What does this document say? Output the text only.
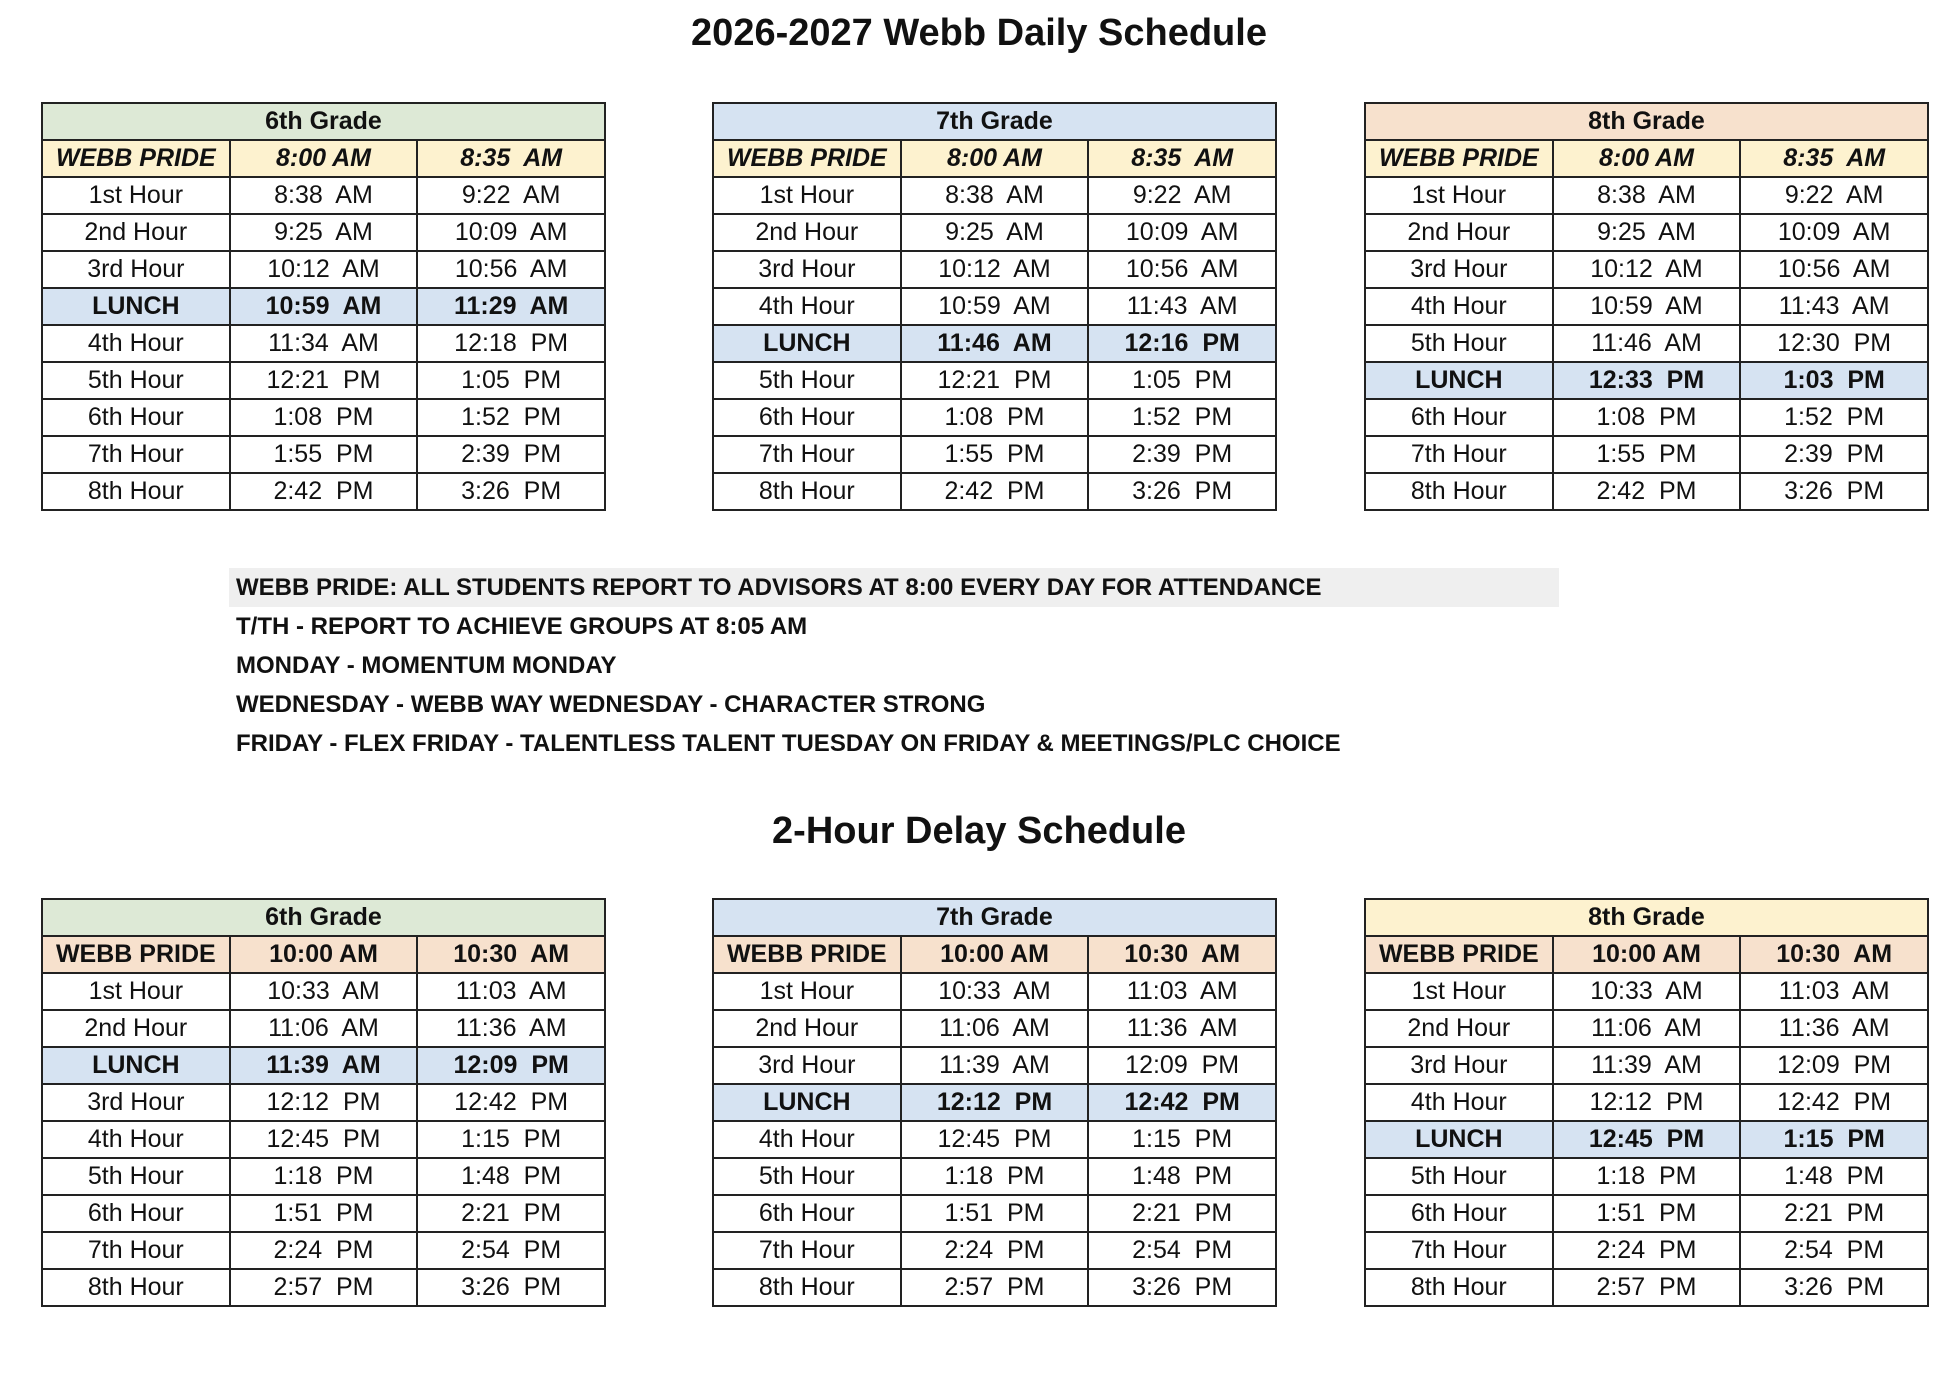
2026-2027 Webb Daily Schedule
6th Grade		
WEBB PRIDE	8:00 AM	8:35  AM
1st Hour	8:38  AM	9:22  AM
2nd Hour	9:25  AM	10:09  AM
3rd Hour	10:12  AM	10:56  AM
LUNCH	10:59  AM	11:29  AM
4th Hour	11:34  AM	12:18  PM
5th Hour	12:21  PM	1:05  PM
6th Hour	1:08  PM	1:52  PM
7th Hour	1:55  PM	2:39  PM
8th Hour	2:42  PM	3:26  PM
7th Grade		
WEBB PRIDE	8:00 AM	8:35  AM
1st Hour	8:38  AM	9:22  AM
2nd Hour	9:25  AM	10:09  AM
3rd Hour	10:12  AM	10:56  AM
4th Hour	10:59  AM	11:43  AM
LUNCH	11:46  AM	12:16  PM
5th Hour	12:21  PM	1:05  PM
6th Hour	1:08  PM	1:52  PM
7th Hour	1:55  PM	2:39  PM
8th Hour	2:42  PM	3:26  PM
8th Grade		
WEBB PRIDE	8:00 AM	8:35  AM
1st Hour	8:38  AM	9:22  AM
2nd Hour	9:25  AM	10:09  AM
3rd Hour	10:12  AM	10:56  AM
4th Hour	10:59  AM	11:43  AM
5th Hour	11:46  AM	12:30  PM
LUNCH	12:33  PM	1:03  PM
6th Hour	1:08  PM	1:52  PM
7th Hour	1:55  PM	2:39  PM
8th Hour	2:42  PM	3:26  PM
WEBB PRIDE: ALL STUDENTS REPORT TO ADVISORS AT 8:00 EVERY DAY FOR ATTENDANCE
T/TH - REPORT TO ACHIEVE GROUPS AT 8:05 AM
MONDAY - MOMENTUM MONDAY
WEDNESDAY - WEBB WAY WEDNESDAY - CHARACTER STRONG
FRIDAY - FLEX FRIDAY - TALENTLESS TALENT TUESDAY ON FRIDAY & MEETINGS/PLC CHOICE
2-Hour Delay Schedule
6th Grade		
WEBB PRIDE	10:00 AM	10:30  AM
1st Hour	10:33  AM	11:03  AM
2nd Hour	11:06  AM	11:36  AM
LUNCH	11:39  AM	12:09  PM
3rd Hour	12:12  PM	12:42  PM
4th Hour	12:45  PM	1:15  PM
5th Hour	1:18  PM	1:48  PM
6th Hour	1:51  PM	2:21  PM
7th Hour	2:24  PM	2:54  PM
8th Hour	2:57  PM	3:26  PM
7th Grade		
WEBB PRIDE	10:00 AM	10:30  AM
1st Hour	10:33  AM	11:03  AM
2nd Hour	11:06  AM	11:36  AM
3rd Hour	11:39  AM	12:09  PM
LUNCH	12:12  PM	12:42  PM
4th Hour	12:45  PM	1:15  PM
5th Hour	1:18  PM	1:48  PM
6th Hour	1:51  PM	2:21  PM
7th Hour	2:24  PM	2:54  PM
8th Hour	2:57  PM	3:26  PM
8th Grade		
WEBB PRIDE	10:00 AM	10:30  AM
1st Hour	10:33  AM	11:03  AM
2nd Hour	11:06  AM	11:36  AM
3rd Hour	11:39  AM	12:09  PM
4th Hour	12:12  PM	12:42  PM
LUNCH	12:45  PM	1:15  PM
5th Hour	1:18  PM	1:48  PM
6th Hour	1:51  PM	2:21  PM
7th Hour	2:24  PM	2:54  PM
8th Hour	2:57  PM	3:26  PM
